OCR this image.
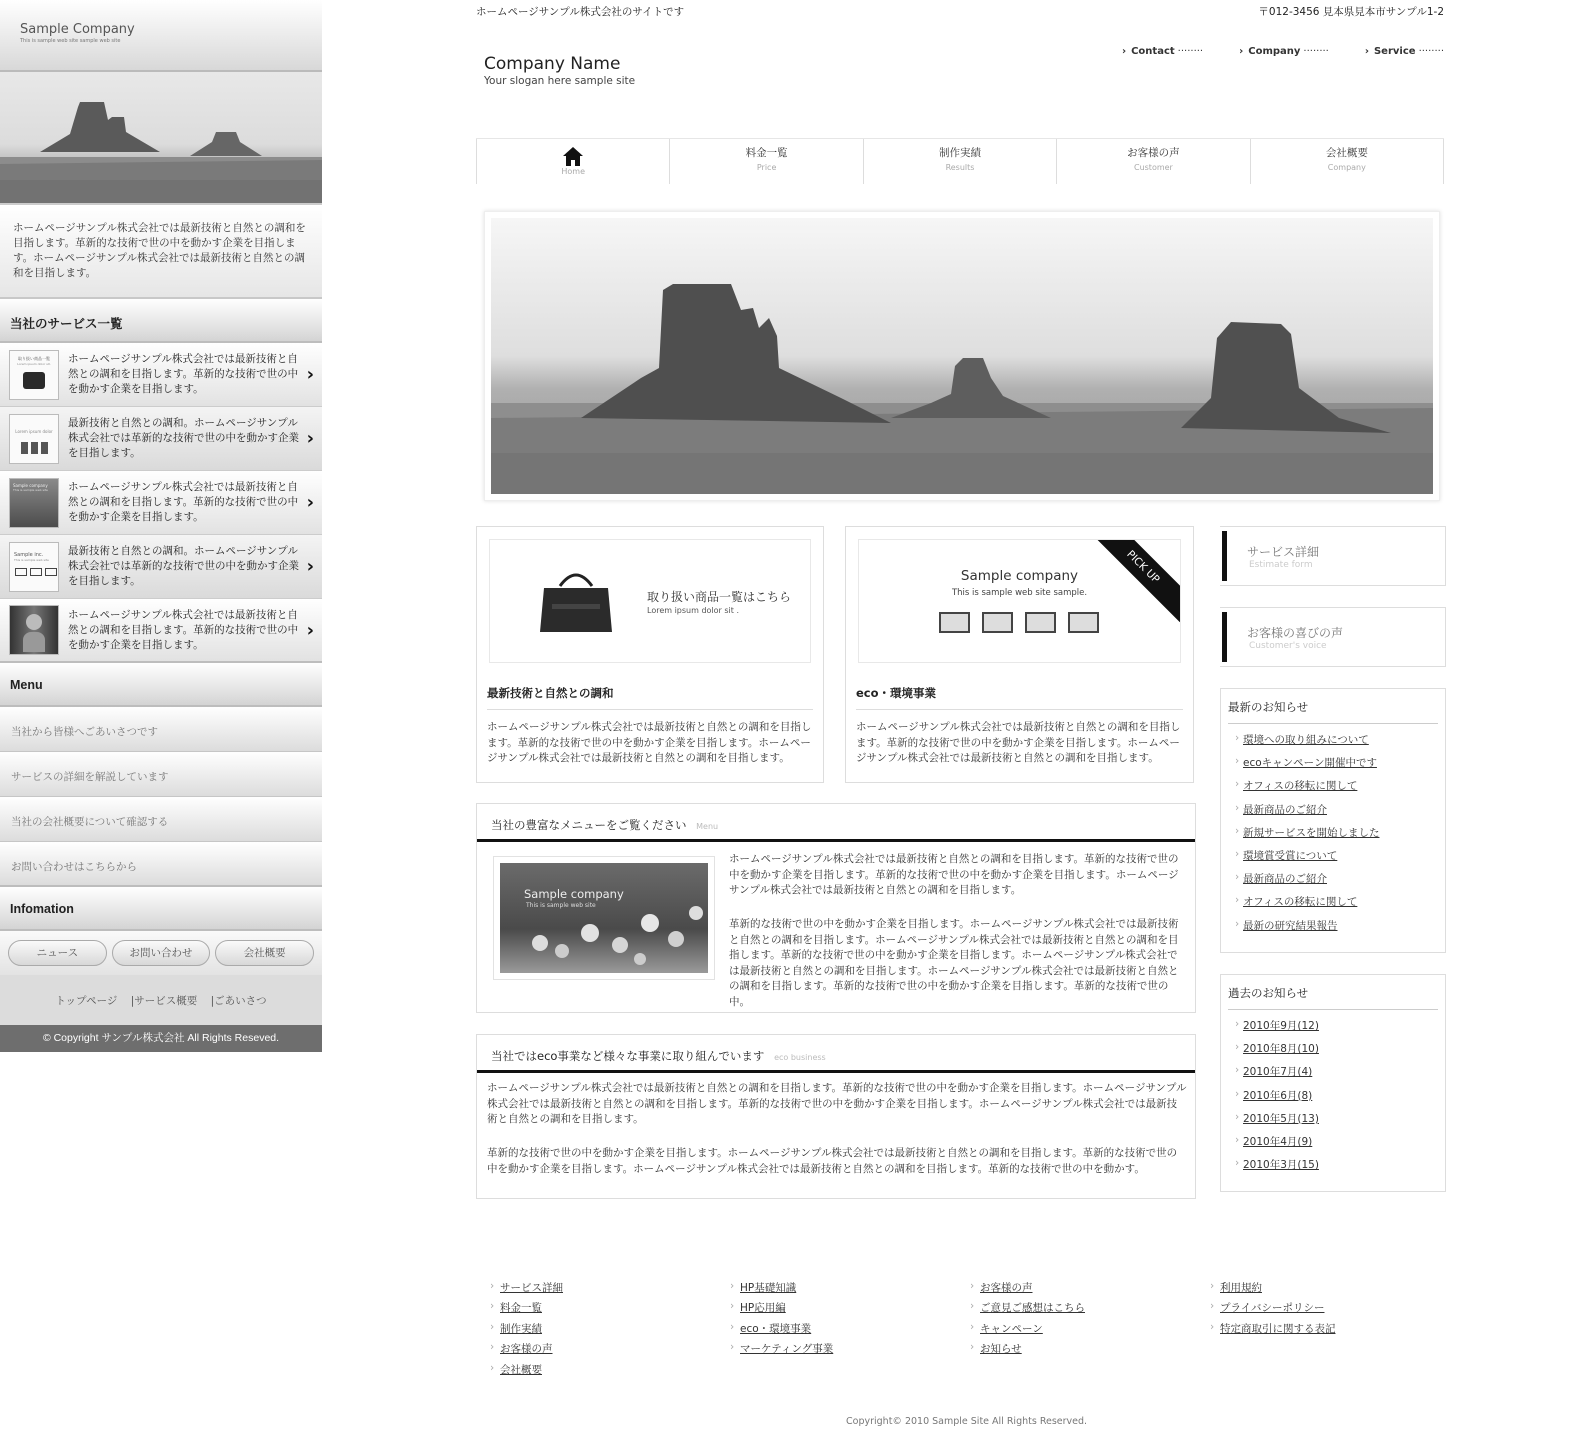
Sample Company
This is sample web site sample web site
ホームページサンプル株式会社では最新技術と自然との調和を目指します。革新的な技術で世の中を動かす企業を目指します。ホームページサンプル株式会社では最新技術と自然との調和を目指します。
当社のサービス一覧
取り扱い商品一覧
Lorem ipsum dolor sit.	ホームページサンプル株式会社では最新技術と自然との調和を目指します。革新的な技術で世の中を動かす企業を目指します。
›
Lorem ipsum dolor
最新技術と自然との調和。ホームページサンプル株式会社では革新的な技術で世の中を動かす企業を目指します。
›
Sample company
This is sample web site	ホームページサンプル株式会社では最新技術と自然との調和を目指します。革新的な技術で世の中を動かす企業を目指します。
›
Sample inc.
This is sample web site
最新技術と自然との調和。ホームページサンプル株式会社では革新的な技術で世の中を動かす企業を目指します。
›
ホームページサンプル株式会社では最新技術と自然との調和を目指します。革新的な技術で世の中を動かす企業を目指します。
›
Menu
当社から皆様へごあいさつです
サービスの詳細を解説しています
当社の会社概要について確認する
お問い合わせはこちらから
Infomation
ニュース	お問い合わせ	会社概要
トップページ |サービス概要 |ごあいさつ
© Copyright サンプル株式会社 All Rights Reseved.
ホームページサンプル株式会社のサイトです	〒012-3456 見本県見本市サンプル1-2
Company Name
Your slogan here sample site
› Contact ········	› Company ········	› Service ········
Home
料金一覧
Price
制作実績
Results
お客様の声
Customer
会社概要
Company
取り扱い商品一覧はこちら
Lorem ipsum dolor sit .
最新技術と自然との調和

ホームページサンプル株式会社では最新技術と自然との調和を目指します。革新的な技術で世の中を動かす企業を目指します。ホームページサンプル株式会社では最新技術と自然との調和を目指します。

Sample company
This is sample web site sample.
PICK UP
eco・環境事業

ホームページサンプル株式会社では最新技術と自然との調和を目指します。革新的な技術で世の中を動かす企業を目指します。ホームページサンプル株式会社では最新技術と自然との調和を目指します。

当社の豊富なメニューをご覧ください Menu
Sample company
This is sample web site

ホームページサンプル株式会社では最新技術と自然との調和を目指します。革新的な技術で世の中を動かす企業を目指します。革新的な技術で世の中を動かす企業を目指します。ホームページサンプル株式会社では最新技術と自然との調和を目指します。

革新的な技術で世の中を動かす企業を目指します。ホームページサンプル株式会社では最新技術と自然との調和を目指します。ホームページサンプル株式会社では最新技術と自然との調和を目指します。革新的な技術で世の中を動かす企業を目指します。ホームページサンプル株式会社では最新技術と自然との調和を目指します。ホームページサンプル株式会社では最新技術と自然との調和を目指します。革新的な技術で世の中を動かす企業を目指します。革新的な技術で世の中。

当社ではeco事業など様々な事業に取り組んでいます eco business

ホームページサンプル株式会社では最新技術と自然との調和を目指します。革新的な技術で世の中を動かす企業を目指します。ホームページサンプル株式会社では最新技術と自然との調和を目指します。革新的な技術で世の中を動かす企業を目指します。ホームページサンプル株式会社では最新技術と自然との調和を目指します。

革新的な技術で世の中を動かす企業を目指します。ホームページサンプル株式会社では最新技術と自然との調和を目指します。革新的な技術で世の中を動かす企業を目指します。ホームページサンプル株式会社では最新技術と自然との調和を目指します。革新的な技術で世の中を動かす。

サービス詳細
Estimate form
お客様の喜びの声
Customer's voice
最新のお知らせ
› 環境への取り組みについて
› ecoキャンペーン開催中です
› オフィスの移転に関して
› 最新商品のご紹介
› 新規サービスを開始しました
› 環境賞受賞について
› 最新商品のご紹介
› オフィスの移転に関して
› 最新の研究結果報告
過去のお知らせ
› 2010年9月(12)
› 2010年8月(10)
› 2010年7月(4)
› 2010年6月(8)
› 2010年5月(13)
› 2010年4月(9)
› 2010年3月(15)
› サービス詳細
› 料金一覧
› 制作実績
› お客様の声
› 会社概要
› HP基礎知識
› HP応用編
› eco・環境事業
› マーケティング事業
› お客様の声
› ご意見ご感想はこちら
› キャンペーン
› お知らせ
› 利用規約
› プライバシーポリシー
› 特定商取引に関する表記
Copyright© 2010 Sample Site All Rights Reserved.
